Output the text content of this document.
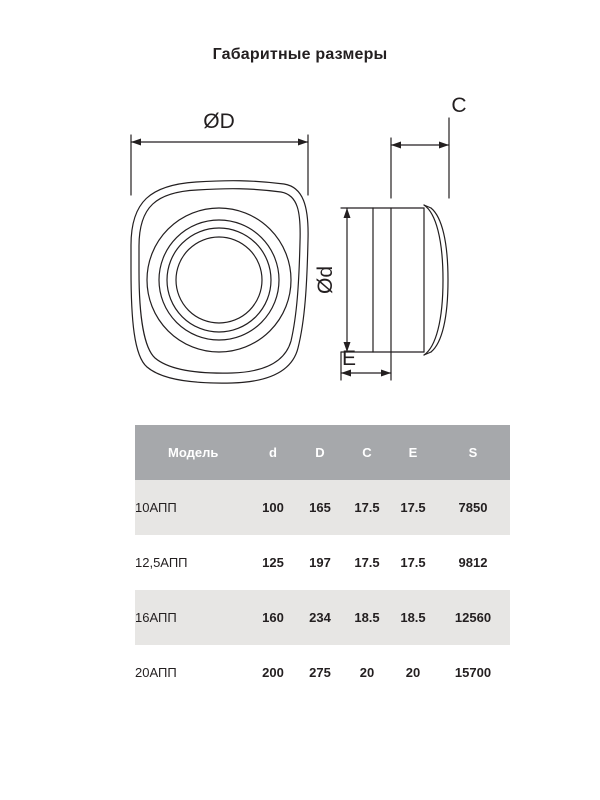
Габаритные размеры
ØD
C
Ød
E
Модель	d	D	C	E	S
10АПП	100	165	17.5	17.5	7850
12,5АПП	125	197	17.5	17.5	9812
16АПП	160	234	18.5	18.5	12560
20АПП	200	275	20	20	15700
